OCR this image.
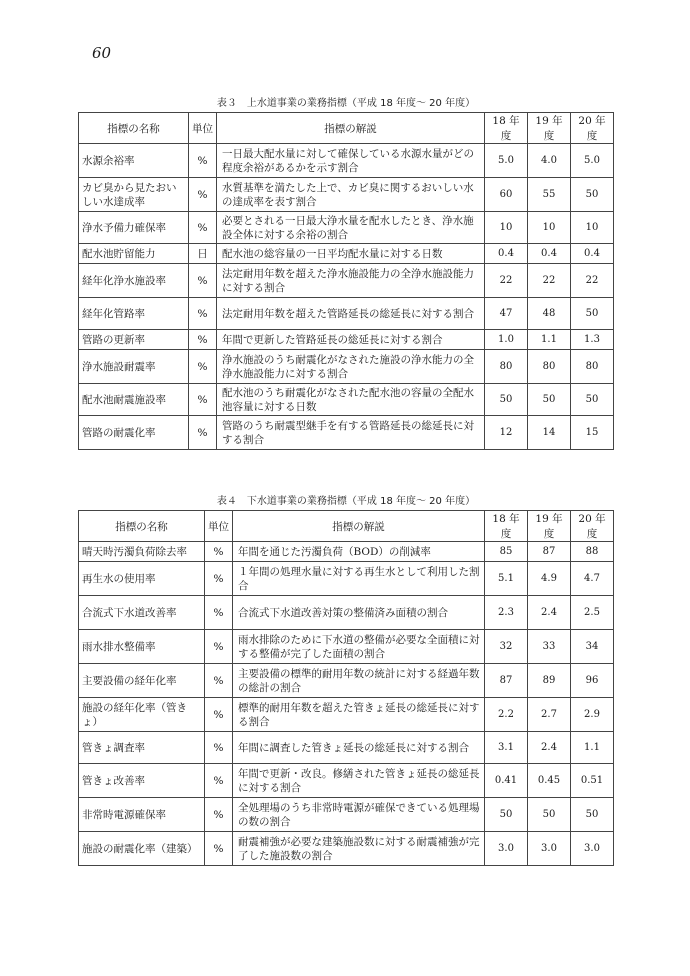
60
表３　上水道事業の業務指標（平成 18 年度～ 20 年度）
指標の名称	単位	指標の解説	18 年度	19 年度	20 年度
水源余裕率	%	一日最大配水量に対して確保している水源水量がどの程度余裕があるかを示す割合	5.0	4.0	5.0
カビ臭から見たおいしい水達成率	%	水質基準を満たした上で、カビ臭に関するおいしい水の達成率を表す割合	60	55	50
浄水予備力確保率	%	必要とされる一日最大浄水量を配水したとき、浄水施設全体に対する余裕の割合	10	10	10
配水池貯留能力	日	配水池の総容量の一日平均配水量に対する日数	0.4	0.4	0.4
経年化浄水施設率	%	法定耐用年数を超えた浄水施設能力の全浄水施設能力に対する割合	22	22	22
経年化管路率	%	法定耐用年数を超えた管路延長の総延長に対する割合	47	48	50
管路の更新率	%	年間で更新した管路延長の総延長に対する割合	1.0	1.1	1.3
浄水施設耐震率	%	浄水施設のうち耐震化がなされた施設の浄水能力の全浄水施設能力に対する割合	80	80	80
配水池耐震施設率	%	配水池のうち耐震化がなされた配水池の容量の全配水池容量に対する日数	50	50	50
管路の耐震化率	%	管路のうち耐震型継手を有する管路延長の総延長に対する割合	12	14	15
表４　下水道事業の業務指標（平成 18 年度～ 20 年度）
指標の名称	単位	指標の解説	18 年度	19 年度	20 年度
晴天時汚濁負荷除去率	%	年間を通じた汚濁負荷（BOD）の削減率	85	87	88
再生水の使用率	%	１年間の処理水量に対する再生水として利用した割合	5.1	4.9	4.7
合流式下水道改善率	%	合流式下水道改善対策の整備済み面積の割合	2.3	2.4	2.5
雨水排水整備率	%	雨水排除のために下水道の整備が必要な全面積に対する整備が完了した面積の割合	32	33	34
主要設備の経年化率	%	主要設備の標準的耐用年数の統計に対する経過年数の総計の割合	87	89	96
施設の経年化率（管きょ）	%	標準的耐用年数を超えた管きょ延長の総延長に対する割合	2.2	2.7	2.9
管きょ調査率	%	年間に調査した管きょ延長の総延長に対する割合	3.1	2.4	1.1
管きょ改善率	%	年間で更新・改良。修繕された管きょ延長の総延長に対する割合	0.41	0.45	0.51
非常時電源確保率	%	全処理場のうち非常時電源が確保できている処理場の数の割合	50	50	50
施設の耐震化率（建築）	%	耐震補強が必要な建築施設数に対する耐震補強が完了した施設数の割合	3.0	3.0	3.0
